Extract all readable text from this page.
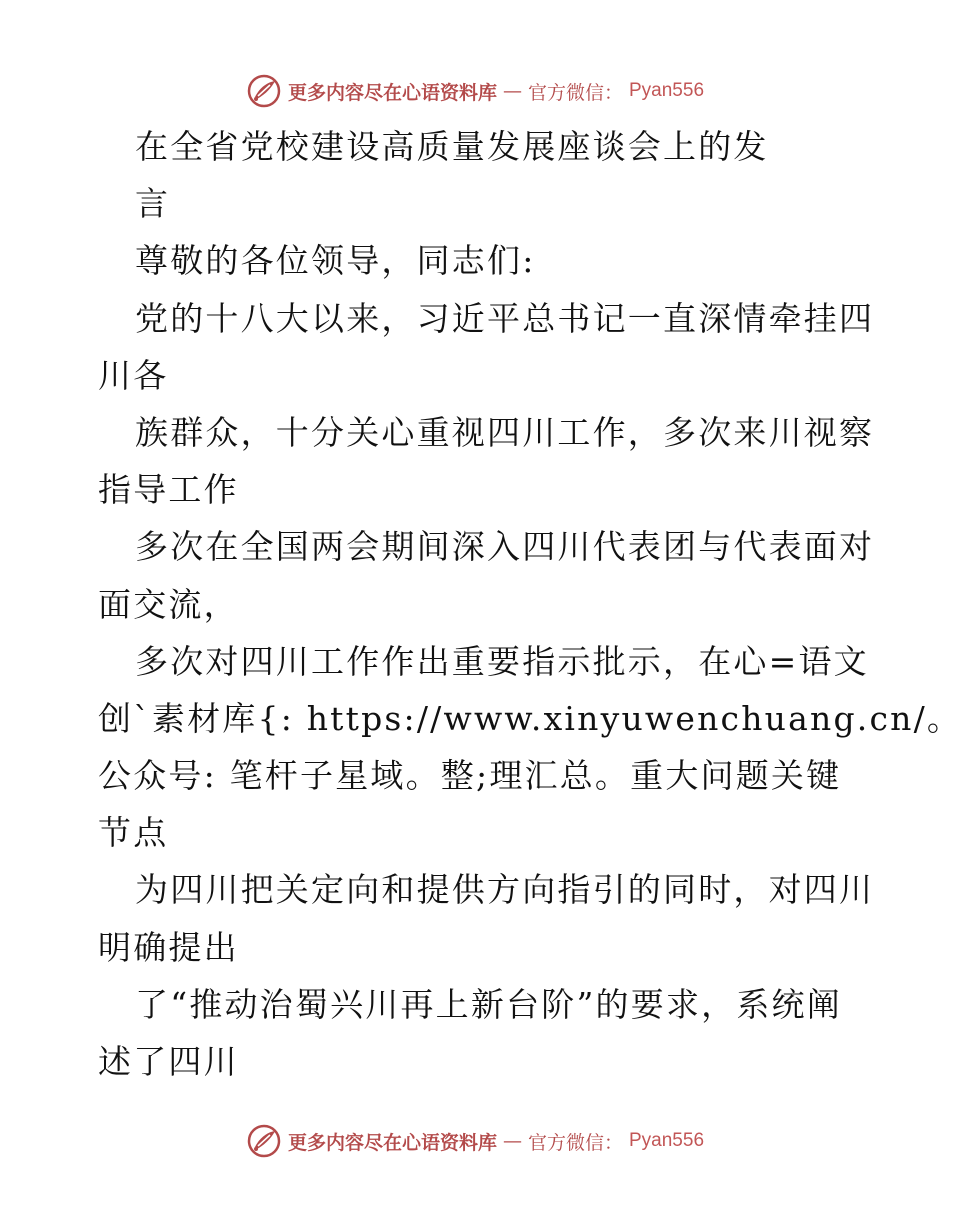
更多内容尽在心语资料库 — 官方微信： Pyan556
在全省党校建设高质量发展座谈会上的发
言
尊敬的各位领导，同志们:
党的十八大以来，习近平总书记一直深情牵挂四
川各
族群众，十分关心重视四川工作，多次来川视察
指导工作
多次在全国两会期间深入四川代表团与代表面对
面交流，
多次对四川工作作出重要指示批示，在心=语文
创`素材库{: https://www.xinyuwenchuang.cn/。
公众号: 笔杆子星域。整;理汇总。重大问题关键
节点
为四川把关定向和提供方向指引的同时，对四川
明确提出
了“推动治蜀兴川再上新台阶”的要求，系统阐
述了四川
更多内容尽在心语资料库 — 官方微信： Pyan556
